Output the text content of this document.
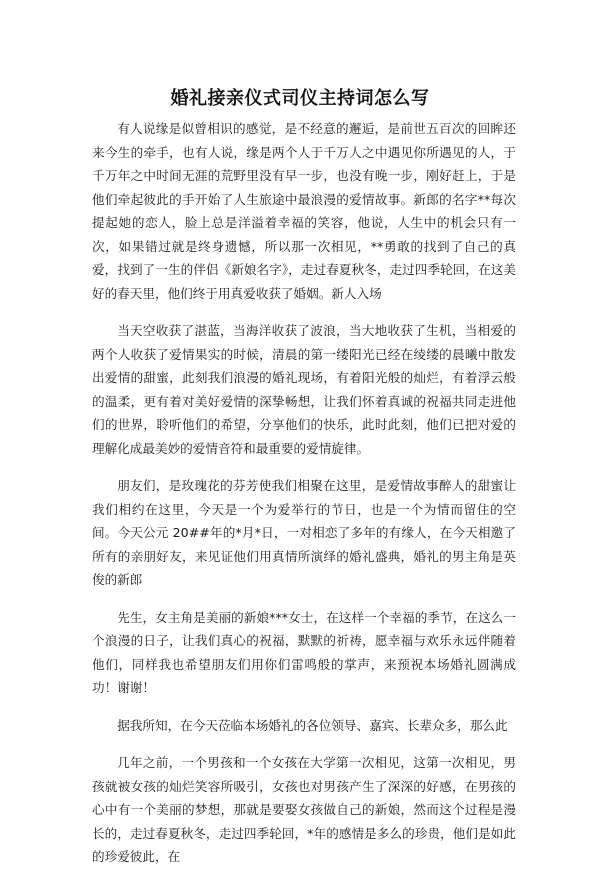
婚礼接亲仪式司仪主持词怎么写

有人说缘是似曾相识的感觉，是不经意的邂逅，是前世五百次的回眸还来今生的牵手，也有人说，缘是两个人于千万人之中遇见你所遇见的人，于千万年之中时间无涯的荒野里没有早一步，也没有晚一步，刚好赶上，于是他们牵起彼此的手开始了人生旅途中最浪漫的爱情故事。新郎的名字**每次提起她的恋人，脸上总是洋溢着幸福的笑容，他说，人生中的机会只有一次，如果错过就是终身遗憾，所以那一次相见，**勇敢的找到了自己的真爱，找到了一生的伴侣《新娘名字》，走过春夏秋冬，走过四季轮回，在这美好的春天里，他们终于用真爱收获了婚姻。新人入场

当天空收获了湛蓝，当海洋收获了波浪，当大地收获了生机，当相爱的两个人收获了爱情果实的时候，清晨的第一缕阳光已经在绫缕的晨曦中散发出爱情的甜蜜，此刻我们浪漫的婚礼现场，有着阳光般的灿烂，有着浮云般的温柔，更有着对美好爱情的深挚畅想，让我们怀着真诚的祝福共同走进他们的世界，聆听他们的希望，分享他们的快乐，此时此刻，他们已把对爱的理解化成最美妙的爱情音符和最重要的爱情旋律。

朋友们，是玫瑰花的芬芳使我们相聚在这里，是爱情故事醉人的甜蜜让我们相约在这里，今天是一个为爱举行的节日，也是一个为情而留住的空间。今天公元 20##年的*月*日，一对相恋了多年的有缘人，在今天相邀了所有的亲朋好友，来见证他们用真情所演绎的婚礼盛典，婚礼的男主角是英俊的新郎

先生，女主角是美丽的新娘***女士，在这样一个幸福的季节，在这么一个浪漫的日子，让我们真心的祝福，默默的祈祷，愿幸福与欢乐永远伴随着他们，同样我也希望朋友们用你们雷鸣般的掌声，来预祝本场婚礼圆满成功！谢谢！

据我所知，在今天莅临本场婚礼的各位领导、嘉宾、长辈众多，那么此

几年之前，一个男孩和一个女孩在大学第一次相见，这第一次相见，男孩就被女孩的灿烂笑容所吸引，女孩也对男孩产生了深深的好感，在男孩的心中有一个美丽的梦想，那就是要娶女孩做自己的新娘，然而这个过程是漫长的，走过春夏秋冬，走过四季轮回，*年的感情是多么的珍贵，他们是如此的珍爱彼此，在
